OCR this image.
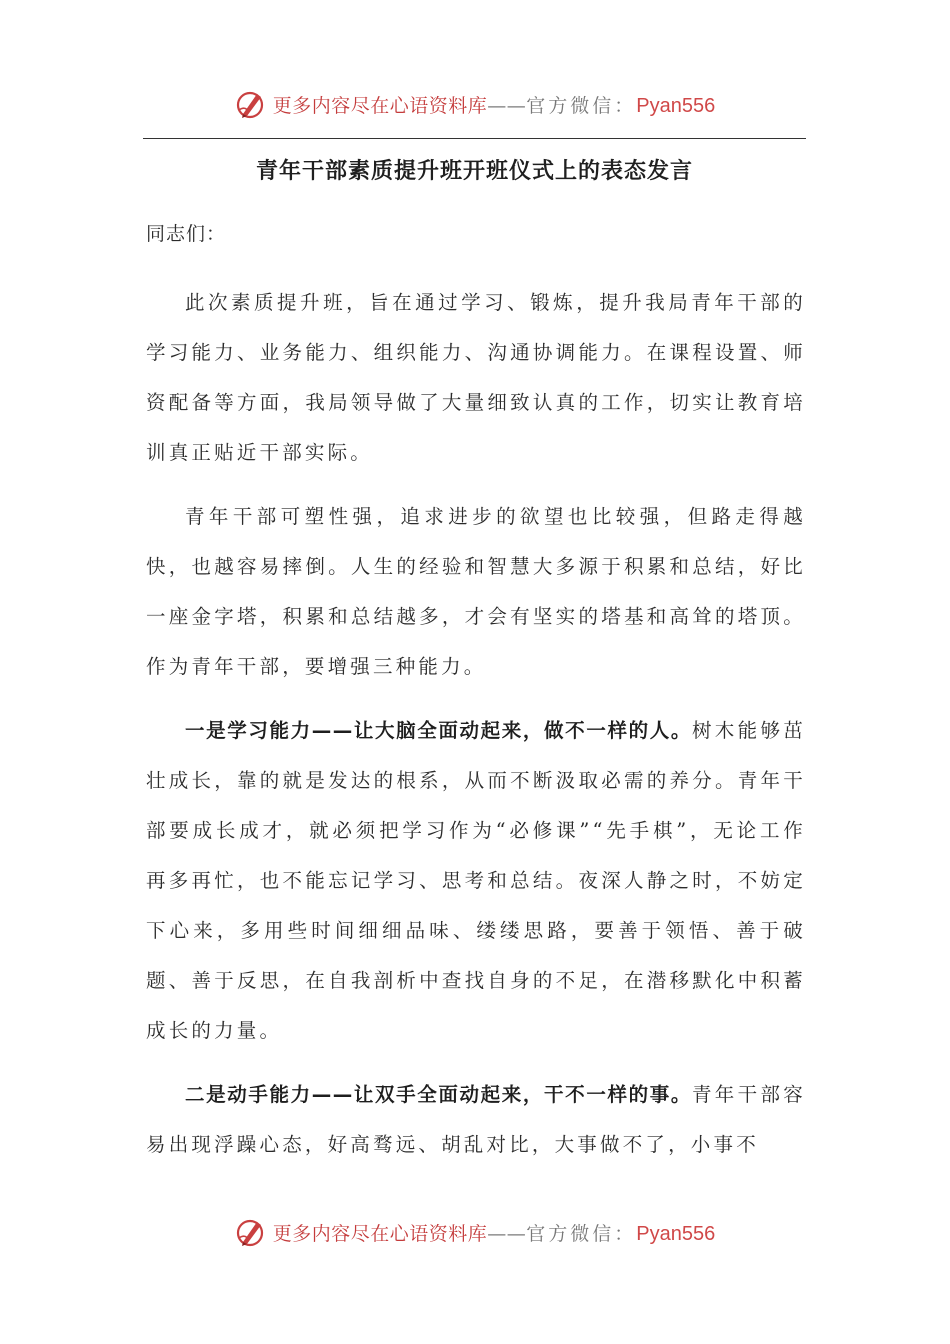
更多内容尽在心语资料库——官方微信：Pyan556
青年干部素质提升班开班仪式上的表态发言
同志们：

此次素质提升班，旨在通过学习、锻炼，提升我局青年干部的学习能力、业务能力、组织能力、沟通协调能力。在课程设置、师资配备等方面，我局领导做了大量细致认真的工作，切实让教育培训真正贴近干部实际。

青年干部可塑性强，追求进步的欲望也比较强，但路走得越快，也越容易摔倒。人生的经验和智慧大多源于积累和总结，好比一座金字塔，积累和总结越多，才会有坚实的塔基和高耸的塔顶。作为青年干部，要增强三种能力。

一是学习能力——让大脑全面动起来，做不一样的人。树木能够茁壮成长，靠的就是发达的根系，从而不断汲取必需的养分。青年干部要成长成才，就必须把学习作为“必修课”“先手棋”，无论工作再多再忙，也不能忘记学习、思考和总结。夜深人静之时，不妨定下心来，多用些时间细细品味、缕缕思路，要善于领悟、善于破题、善于反思，在自我剖析中查找自身的不足，在潜移默化中积蓄成长的力量。

二是动手能力——让双手全面动起来，干不一样的事。青年干部容易出现浮躁心态，好高骛远、胡乱对比，大事做不了，小事不

更多内容尽在心语资料库——官方微信：Pyan556
